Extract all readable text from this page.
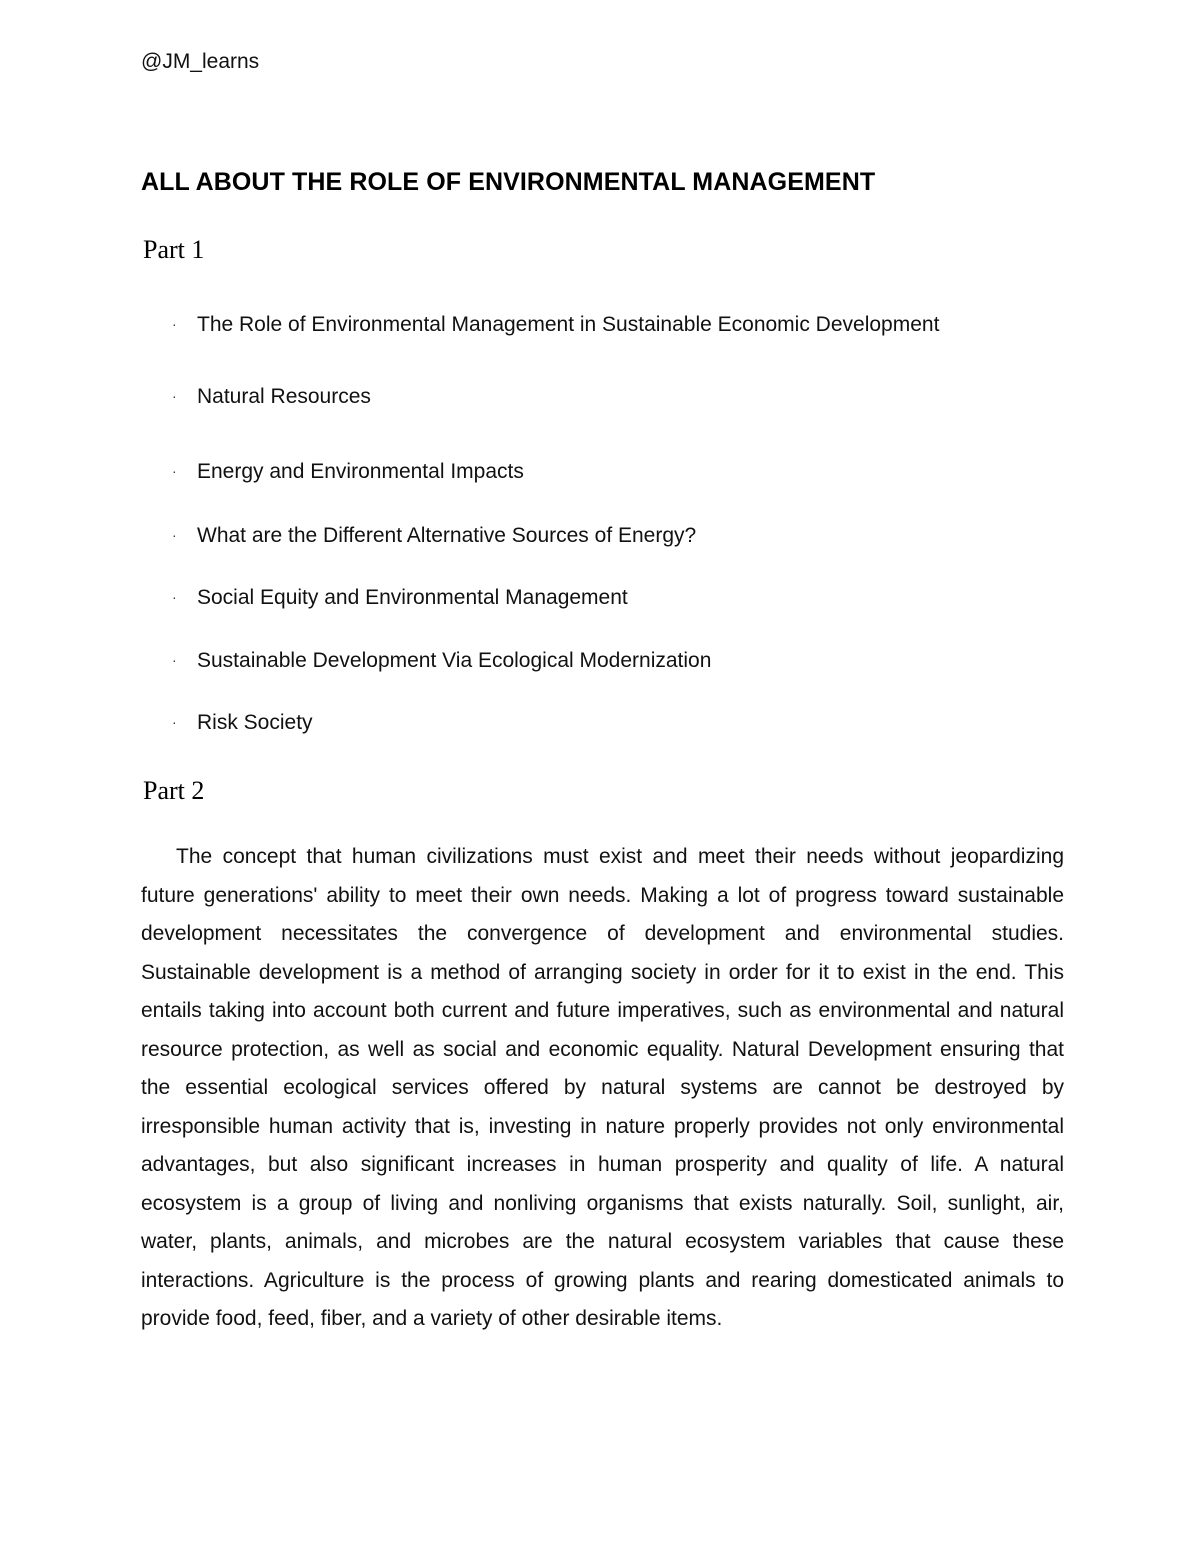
@JM_learns
ALL ABOUT THE ROLE OF ENVIRONMENTAL MANAGEMENT
Part 1
· The Role of Environmental Management in Sustainable Economic Development
· Natural Resources
· Energy and Environmental Impacts
· What are the Different Alternative Sources of Energy?
· Social Equity and Environmental Management
· Sustainable Development Via Ecological Modernization
· Risk Society
Part 2

The concept that human civilizations must exist and meet their needs without jeopardizing future generations' ability to meet their own needs. Making a lot of progress toward sustainable development necessitates the convergence of development and environmental studies. Sustainable development is a method of arranging society in order for it to exist in the end. This entails taking into account both current and future imperatives, such as environmental and natural resource protection, as well as social and economic equality. Natural Development ensuring that the essential ecological services offered by natural systems are cannot be destroyed by irresponsible human activity that is, investing in nature properly provides not only environmental advantages, but also significant increases in human prosperity and quality of life. A natural ecosystem is a group of living and nonliving organisms that exists naturally. Soil, sunlight, air, water, plants, animals, and microbes are the natural ecosystem variables that cause these interactions. Agriculture is the process of growing plants and rearing domesticated animals to provide food, feed, fiber, and a variety of other desirable items.
